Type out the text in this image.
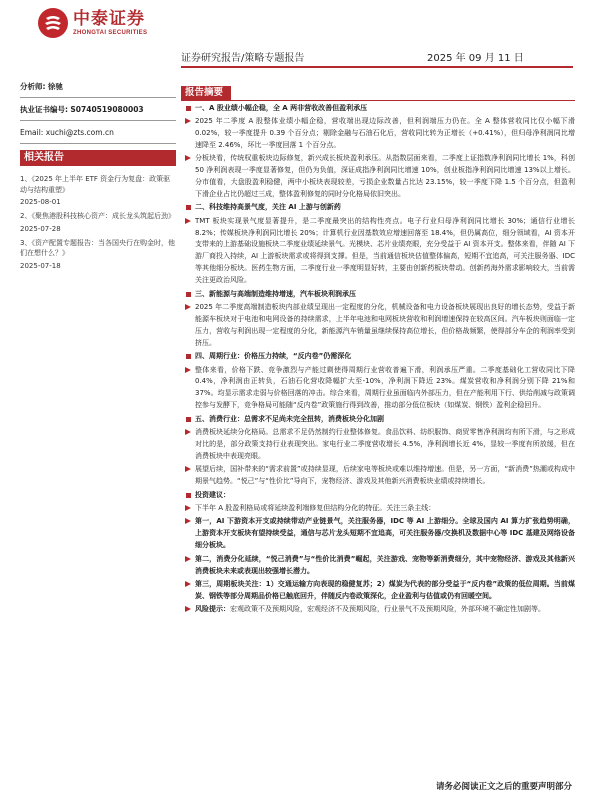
中泰证券
ZHONGTAI SECURITIES
证券研究报告/策略专题报告	2025 年 09 月 11 日
分析师: 徐驰
执业证书编号: S0740519080003
Email: xuchi@zts.com.cn
相关报告
1、《2025 年上半年 ETF 资金行为复盘：政策驱动与结构重塑》
2025-08-01
2、《聚焦港股科技核心资产：成长龙头筑起后劲》
2025-07-28
3、《资产配置专题报告：当各国央行在购金时，他们在想什么？》
2025-07-18
报告摘要
一、A 股业绩小幅企稳，全 A 两非营收改善但盈利承压
2025 年二季度 A 股整体业绩小幅企稳，营收端出现边际改善，但利润端压力仍在。全 A 整体营收同比仅小幅下滑 0.02%，较一季度提升 0.39 个百分点；剔除金融与石油石化后，营收同比转为正增长（+0.41%），但归母净利润同比增速降至 2.46%，环比一季度回落 1 个百分点。
分板块看，传统权重板块边际修复，新兴成长板块盈利承压。从指数层面来看，二季度上证指数净利润同比增长 1%，科创 50 净利润表现一季度显著修复，但仍为负值，深证成指净利润同比增速 10%，创业板指净利润同比增速 13%以上增长。分市值看，大盘股盈利稳健，两中小板块表现较差，亏损企业数量占比达 23.15%，较一季度下降 1.5 个百分点，但盈利下滑企业占比仍超过三成，整体盈利修复的同时分化格局依旧突出。
二、科技维持高景气度，关注 AI 上游与创新药
TMT 板块实现景气度显著提升，是二季度最突出的结构性亮点。电子行业归母净利润同比增长 30%；通信行业增长 8.2%；传媒板块净利润同比增长 20%；计算机行业因基数效应增速回落至 18.4%，但仍属高位，细分领域看，AI 资本开支带来的上游基础设施板块二季度业绩延续景气。光模块、芯片业绩亮眼，充分受益于 AI 资本开支。整体来看，伴随 AI 下游厂商投入持续，AI 上游板块需求或将得到支撑。但是，当前通信板块估值整体偏高，短期不宜追高，可关注服务器、IDC 等其他细分板块。医药生物方面，二季度行业一季度明显好转，主要由创新药板块带动。创新药海外需求影响较大，当前需关注更政治风险。
三、新能源与高端制造维持增速，汽车板块利润承压
2025 年二季度高端制造板块内部业绩呈现出一定程度的分化，机械设备和电力设备板块展现出良好的增长态势，受益于新能源车板块对于电池和电网设备的持续需求，上半年电池和电网板块营收和利润增速保持在较高区间。汽车板块则面临一定压力，营收与利润出现一定程度的分化，新能源汽车销量虽继续保持高位增长，但价格战频繁，使得部分车企的利润率受到挤压。
四、周期行业：价格压力持续，“反内卷”仍需深化
整体来看，价格下跌、竞争激烈与产能过剩使得周期行业营收普遍下滑，利润承压严重。二季度基础化工营收同比下降 0.4%，净利润由正转负，石油石化营收降幅扩大至-10%，净利润下降近 23%。煤炭营收和净利润分别下降 21%和 37%。均显示需求走弱与价格回落的冲击。综合来看，周期行业虽面临内外部压力，但在产能利用下行、供给削减与政策调控参与发酵下，竞争格局可能随“反内卷”政策施行得到改善，推动部分低位板块（如煤炭、钢铁）盈利企稳回升。
五、消费行业：总需求不足尚未完全扭转，消费板块分化加剧
消费板块延续分化格局。总需求不足仍然制约行业整体修复。食品饮料、纺织服饰、商贸零售净利润均有所下滑，与之形成对比的是，部分政策支持行业表现突出。家电行业二季度营收增长 4.5%，净利润增长近 4%，显较一季度有所放缓，但在消费板块中表现亮眼。
展望后续，国补带来的“需求前置”或持续显现，后续家电等板块或难以维持增速。但是，另一方面，“新消费”热潮或构成中期景气趋势。“悦己”与“性价比”导向下，宠物经济、游戏及其他新兴消费板块业绩或持续增长。
投资建议：
下半年 A 股盈利格局或将延续盈利端修复但结构分化的特征。关注三条主线：
第一，AI 下游资本开支或持续带动产业链景气，关注服务器，IDC 等 AI 上游细分。全球及国内 AI 算力扩张趋势明确，上游资本开支板块有望持续受益，通信与芯片龙头短期不宜追高，可关注服务器/交换机及数据中心等 IDC 基建及网络设备细分板块。
第二，消费分化延续，“悦己消费”与“性价比消费”崛起，关注游戏、宠物等新消费细分，其中宠物经济、游戏及其他新兴消费板块未来或表现出较强增长潜力。
第三，周期板块关注：1）交通运输方向表现的稳健复苏；2）煤炭为代表的部分受益于“反内卷”政策的低位周期。当前煤炭、钢铁等部分周期品价格已触底回升，伴随反内卷政策深化，企业盈利与估值或仍有回暖空间。
风险提示：宏观政策不及预期风险，宏观经济不及预期风险，行业景气不及预期风险，外部环境不确定性加剧等。
请务必阅读正文之后的重要声明部分
